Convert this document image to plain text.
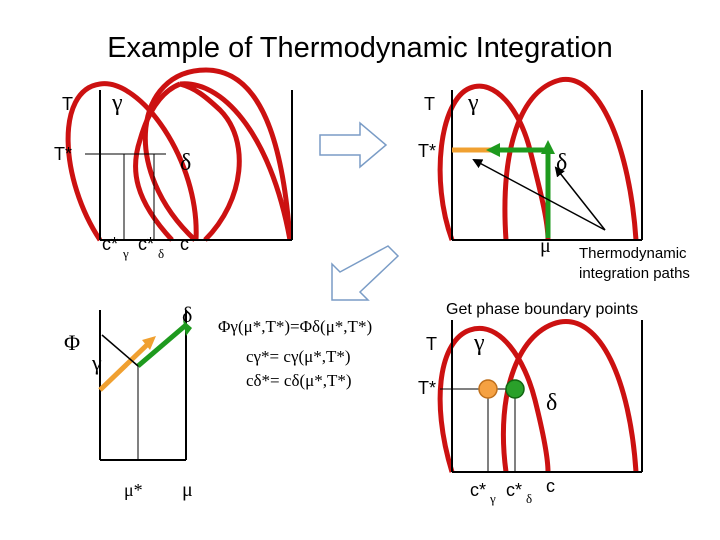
Example of Thermodynamic Integration
T
T*
γ
δ
c* γ c* δ c
T
T*
γ
δ
μ Thermodynamic
integration paths
Φ
γ
δ
μ* μ
Φγ(μ*,T*)=Φδ(μ*,T*)
cγ*= cγ(μ*,T*)
cδ*= cδ(μ*,T*)
Get phase boundary points
T
T*
γ
δ
c* γ c* δ
c
